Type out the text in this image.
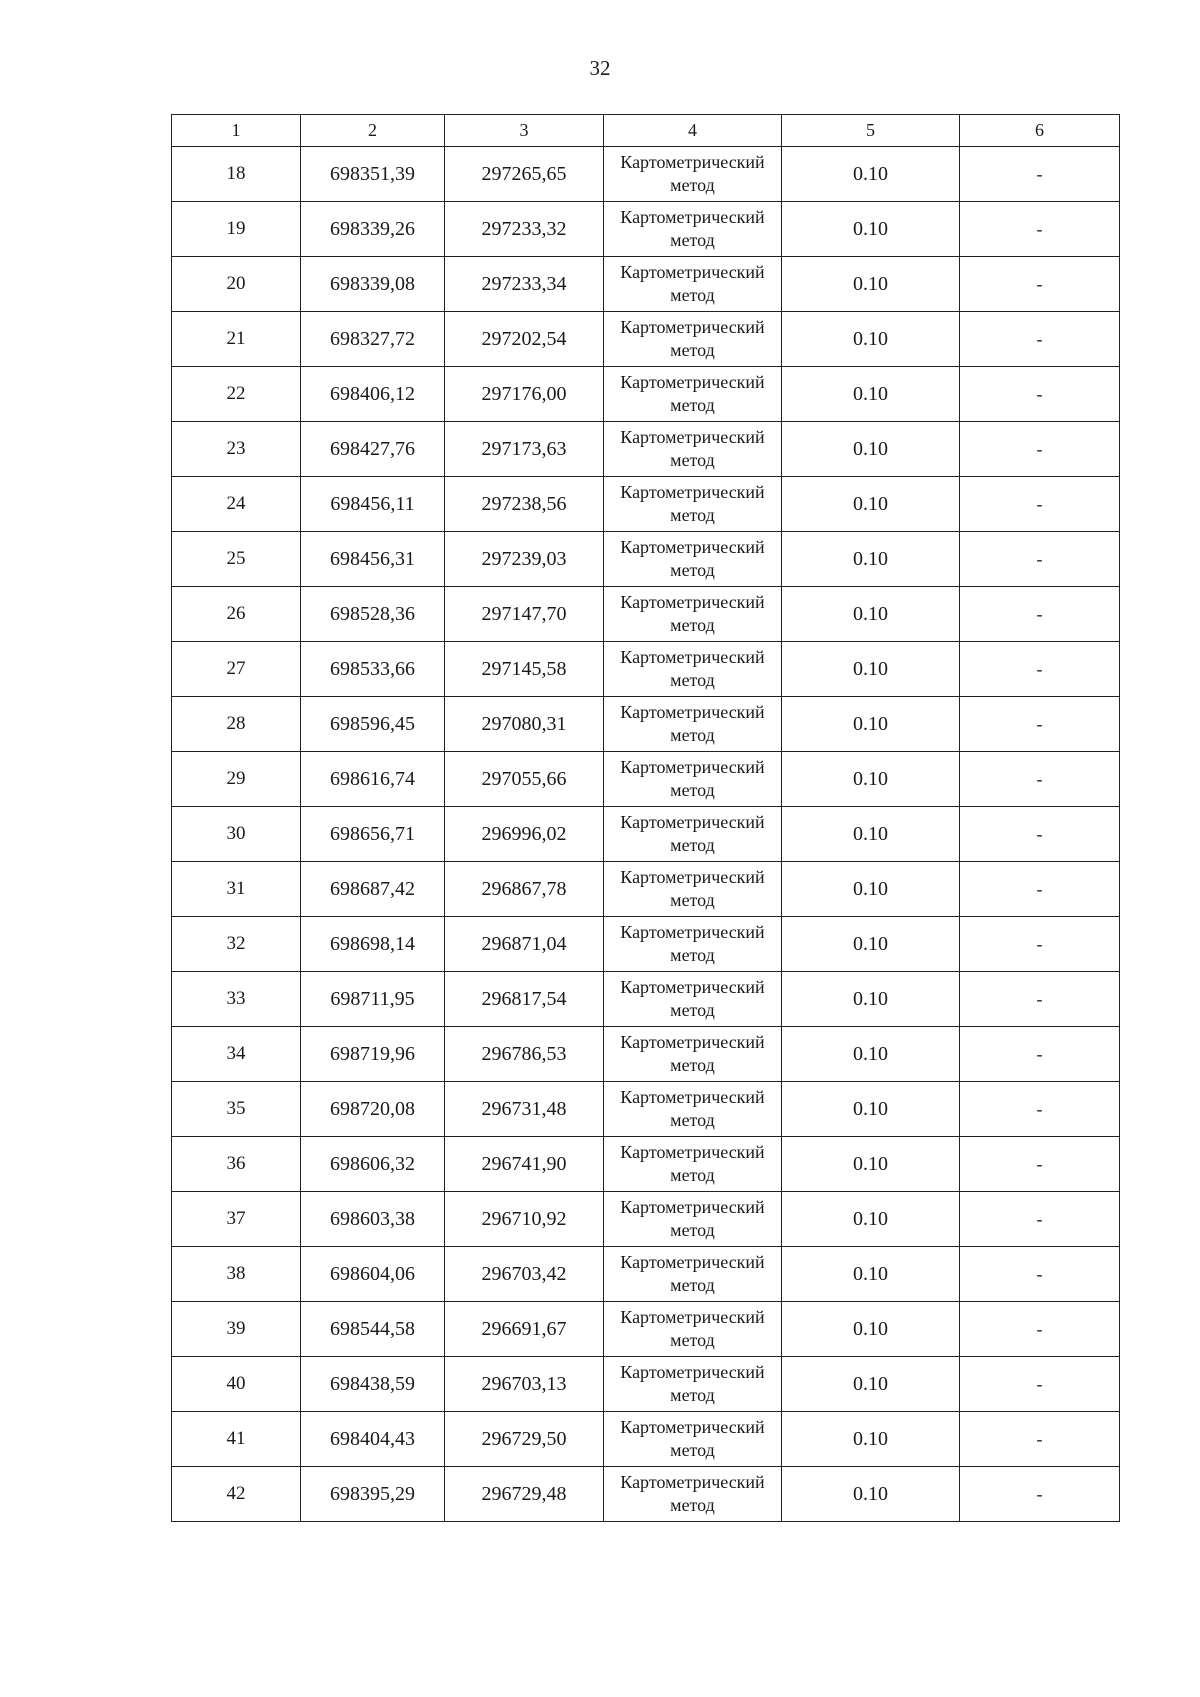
32
1	2	3	4	5	6
18	698351,39	297265,65	Картометрический метод	0.10	-
19	698339,26	297233,32	Картометрический метод	0.10	-
20	698339,08	297233,34	Картометрический метод	0.10	-
21	698327,72	297202,54	Картометрический метод	0.10	-
22	698406,12	297176,00	Картометрический метод	0.10	-
23	698427,76	297173,63	Картометрический метод	0.10	-
24	698456,11	297238,56	Картометрический метод	0.10	-
25	698456,31	297239,03	Картометрический метод	0.10	-
26	698528,36	297147,70	Картометрический метод	0.10	-
27	698533,66	297145,58	Картометрический метод	0.10	-
28	698596,45	297080,31	Картометрический метод	0.10	-
29	698616,74	297055,66	Картометрический метод	0.10	-
30	698656,71	296996,02	Картометрический метод	0.10	-
31	698687,42	296867,78	Картометрический метод	0.10	-
32	698698,14	296871,04	Картометрический метод	0.10	-
33	698711,95	296817,54	Картометрический метод	0.10	-
34	698719,96	296786,53	Картометрический метод	0.10	-
35	698720,08	296731,48	Картометрический метод	0.10	-
36	698606,32	296741,90	Картометрический метод	0.10	-
37	698603,38	296710,92	Картометрический метод	0.10	-
38	698604,06	296703,42	Картометрический метод	0.10	-
39	698544,58	296691,67	Картометрический метод	0.10	-
40	698438,59	296703,13	Картометрический метод	0.10	-
41	698404,43	296729,50	Картометрический метод	0.10	-
42	698395,29	296729,48	Картометрический метод	0.10	-
